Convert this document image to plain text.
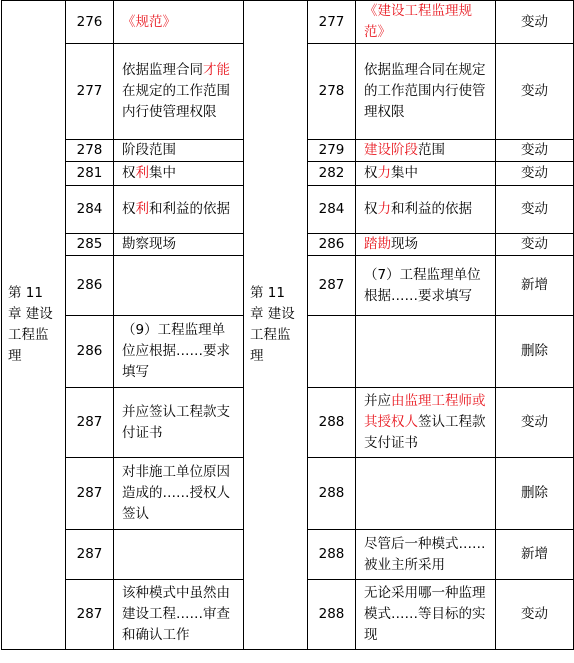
第 11 章 建设工程监理	276	《规范》	第 11 章 建设工程监理	277	《建设工程监理规范》	变动
	277	依据监理合同才能在规定的工作范围内行使管理权限		278	依据监理合同在规定的工作范围内行使管理权限	变动
	278	阶段范围		279	建设阶段范围	变动
	281	权利集中		282	权力集中	变动
	284	权利和利益的依据		284	权力和利益的依据	变动
	285	勘察现场		286	踏勘现场	变动
	286			287	（7）工程监理单位根据……要求填写	新增
	286	（9）工程监理单位应根据……要求填写				删除
	287	并应签认工程款支付证书		288	并应由监理工程师或其授权人签认工程款支付证书	变动
	287	对非施工单位原因造成的……授权人签认		288		删除
	287			288	尽管后一种模式……被业主所采用	新增
	287	该种模式中虽然由建设工程……审查和确认工作		288	无论采用哪一种监理模式……等目标的实现	变动
